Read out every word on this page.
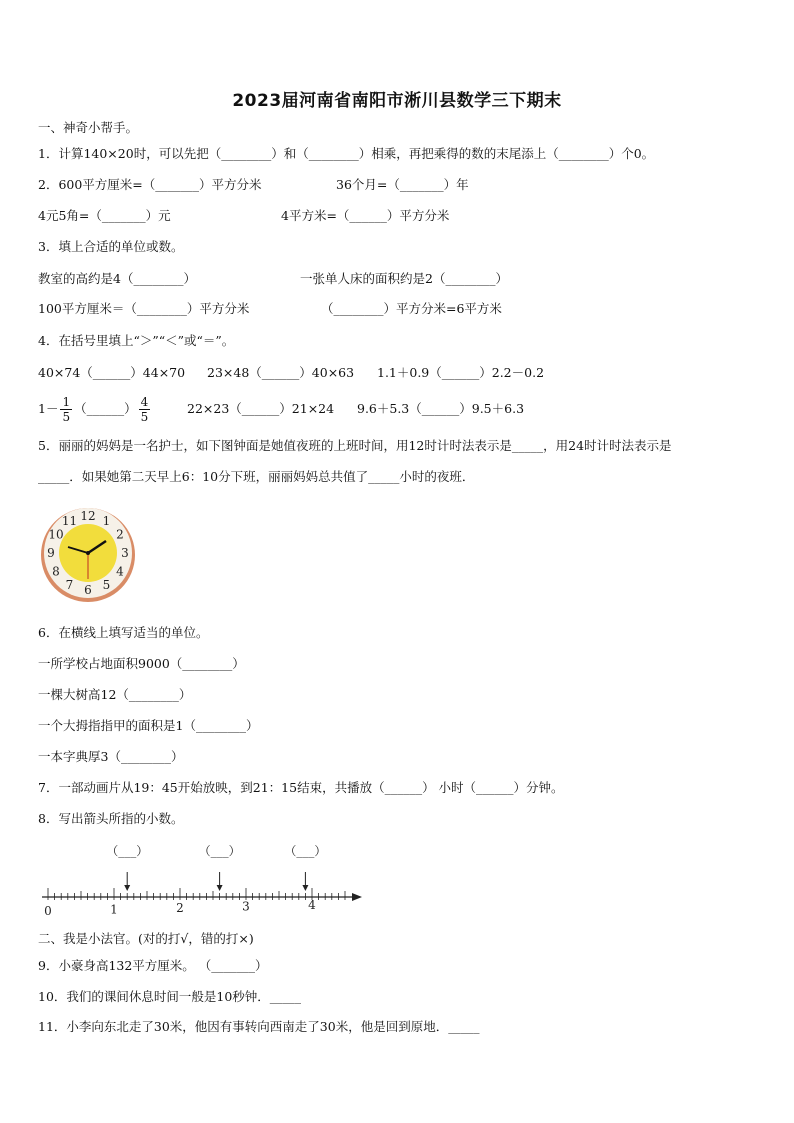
2023届河南省南阳市淅川县数学三下期末
一、神奇小帮手。
1．计算140×20时，可以先把（________）和（________）相乘，再把乘得的数的末尾添上（________）个0。
2．600平方厘米=（_______）平方分米	36个月=（_______）年
4元5角=（_______）元	4平方米=（______）平方分米
3．填上合适的单位或数。
教室的高约是4（________）	一张单人床的面积约是2（________）
100平方厘米＝（________）平方分米	（________）平方分米=6平方米
4．在括号里填上“＞”“＜”或“＝”。
40×74（______）44×70 23×48（______）40×63 1.1＋0.9（______）2.2－0.2
$1- \frac{1}{5}$ （______） $\frac{4}{5}$	22×23（______）21×24 9.6＋5.3（______）9.5＋6.3
5．丽丽的妈妈是一名护士，如下图钟面是她值夜班的上班时间，用12时计时法表示是_____，用24时计时法表示是
_____．如果她第二天早上6：10分下班，丽丽妈妈总共值了_____小时的夜班．
12 1
2
3
4
5
6
7
8
9
10
11
6．在横线上填写适当的单位。
一所学校占地面积9000（________）
一棵大树高12（________）
一个大拇指指甲的面积是1（________）
一本字典厚3（________）
7．一部动画片从19：45开始放映，到21：15结束，共播放（______） 小时（______）分钟。
8．写出箭头所指的小数。
0	1	2	3	4
（___）	（___）	（___）
二、我是小法官。(对的打√，错的打×)
9．小豪身高132平方厘米。 （_______）
10．我们的课间休息时间一般是10秒钟．_____
11．小李向东北走了30米，他因有事转向西南走了30米，他是回到原地．_____
